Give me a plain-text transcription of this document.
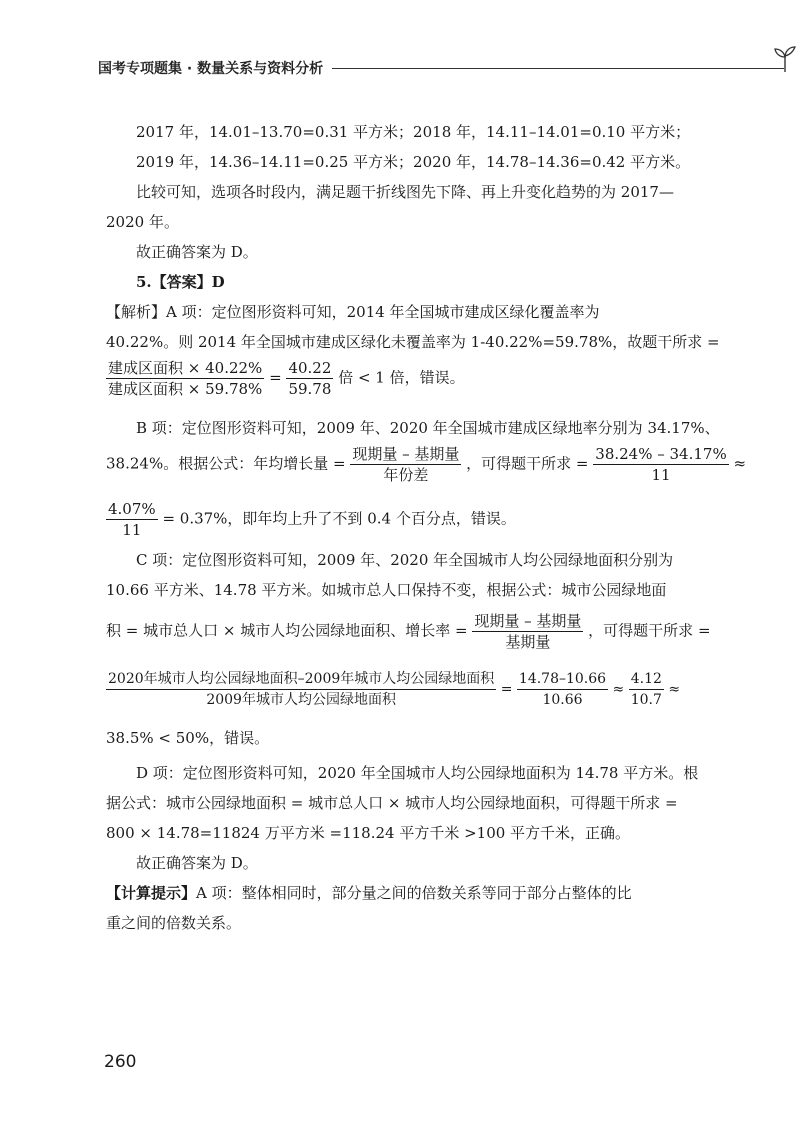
国考专项题集 · 数量关系与资料分析
2017 年，14.01–13.70=0.31 平方米；2018 年，14.11–14.01=0.10 平方米；
2019 年，14.36–14.11=0.25 平方米；2020 年，14.78–14.36=0.42 平方米。
比较可知，选项各时段内，满足题干折线图先下降、再上升变化趋势的为 2017—
2020 年。
故正确答案为 D。
5.【答案】D
【解析】A 项：定位图形资料可知，2014 年全国城市建成区绿化覆盖率为
40.22%。则 2014 年全国城市建成区绿化未覆盖率为 1-40.22%=59.78%，故题干所求 =
$\frac{\text{建成区面积 × 40.22\%}}{\text{建成区面积 × 59.78\%}} = \frac{40.22}{59.78}$ 倍 < 1 倍，错误。
B 项：定位图形资料可知，2009 年、2020 年全国城市建成区绿地率分别为 34.17%、
38.24%。根据公式：年均增长量 = $\frac{\text{现期量 – 基期量}}{\text{年份差}}$ ，可得题干所求 = $\frac{38.24\% - 34.17\%}{11}$ ≈
$\frac{4.07\%}{11} = 0.37\%$，即年均上升了不到 0.4 个百分点，错误。
C 项：定位图形资料可知，2009 年、2020 年全国城市人均公园绿地面积分别为
10.66 平方米、14.78 平方米。如城市总人口保持不变，根据公式：城市公园绿地面
积 = 城市总人口 × 城市人均公园绿地面积、增长率 = $\frac{\text{现期量 – 基期量}}{\text{基期量}}$ ，可得题干所求 =
$\frac{\text{2020年城市人均公园绿地面积–2009年城市人均公园绿地面积}}{\text{2009年城市人均公园绿地面积}} = \frac{14.78-10.66}{10.66} \approx \frac{4.12}{10.7}$ ≈
38.5% < 50%，错误。
D 项：定位图形资料可知，2020 年全国城市人均公园绿地面积为 14.78 平方米。根
据公式：城市公园绿地面积 = 城市总人口 × 城市人均公园绿地面积，可得题干所求 =
800 × 14.78=11824 万平方米 =118.24 平方千米 >100 平方千米，正确。
故正确答案为 D。
【计算提示】A 项：整体相同时，部分量之间的倍数关系等同于部分占整体的比
重之间的倍数关系。
260
